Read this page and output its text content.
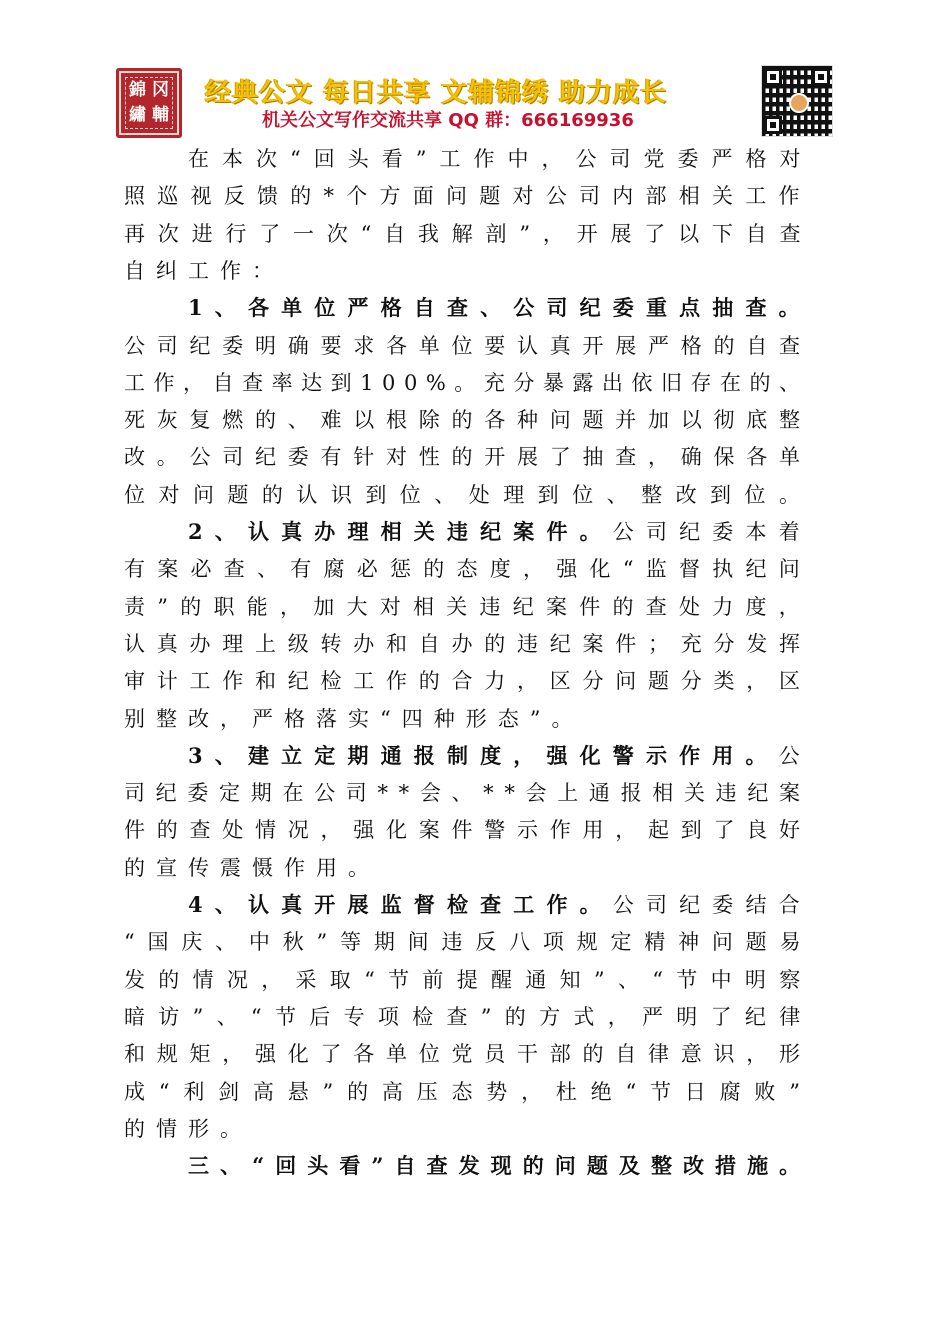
錦 冈
繡 輔
经典公文 每日共享 文辅锦绣 助力成长
机关公文写作交流共享 QQ 群：666169936
在本次“回头看”工作中，公司党委严格对
照巡视反馈的*个方面问题对公司内部相关工作
再次进行了一次“自我解剖”，开展了以下自查
自纠工作：
1、各单位严格自查、公司纪委重点抽查。
公司纪委明确要求各单位要认真开展严格的自查
工作，自查率达到100%。充分暴露出依旧存在的、
死灰复燃的、难以根除的各种问题并加以彻底整
改。公司纪委有针对性的开展了抽查，确保各单
位对问题的认识到位、处理到位、整改到位。
2、认真办理相关违纪案件。公司纪委本着
有案必查、有腐必惩的态度，强化“监督执纪问
责”的职能，加大对相关违纪案件的查处力度，
认真办理上级转办和自办的违纪案件；充分发挥
审计工作和纪检工作的合力，区分问题分类，区
别整改，严格落实“四种形态”。
3、建立定期通报制度，强化警示作用。公
司纪委定期在公司**会、**会上通报相关违纪案
件的查处情况，强化案件警示作用，起到了良好
的宣传震慑作用。
4、认真开展监督检查工作。公司纪委结合
“国庆、中秋”等期间违反八项规定精神问题易
发的情况，采取“节前提醒通知”、“节中明察
暗访”、“节后专项检查”的方式，严明了纪律
和规矩，强化了各单位党员干部的自律意识，形
成“利剑高悬”的高压态势，杜绝“节日腐败”
的情形。
三、“回头看”自查发现的问题及整改措施。
